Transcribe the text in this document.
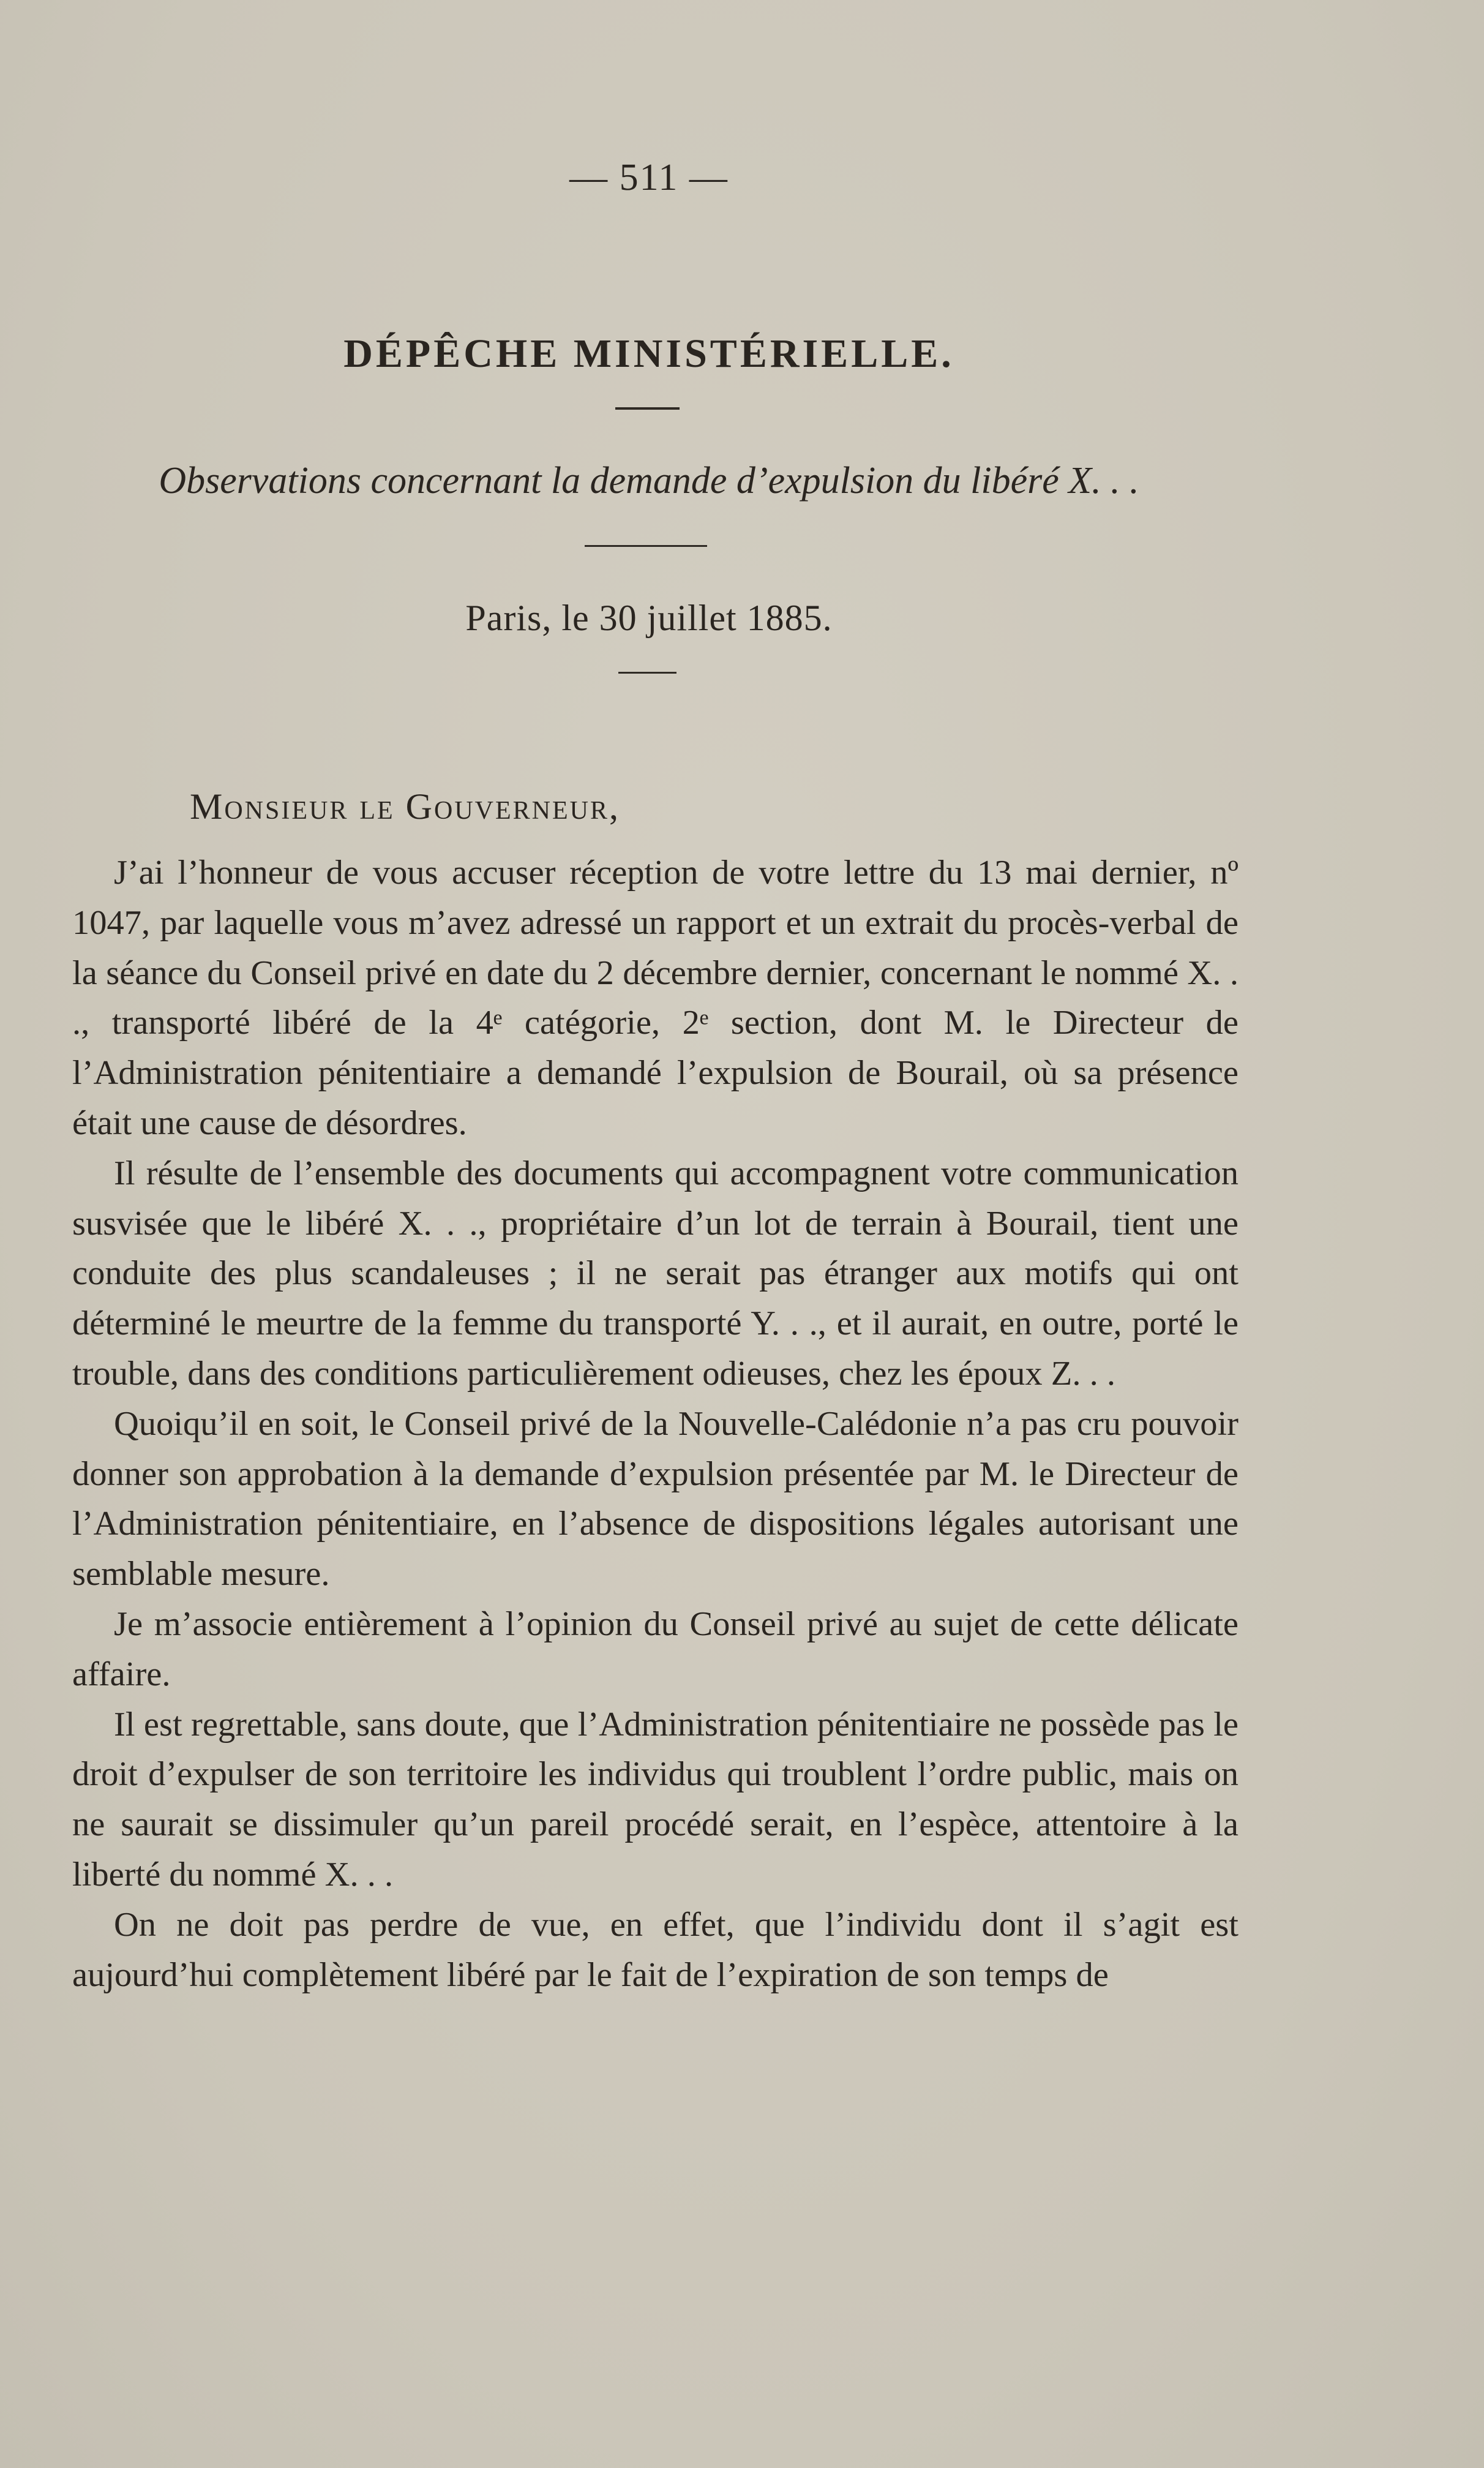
— 511 —
DÉPÊCHE MINISTÉRIELLE.
Observations concernant la demande d’expulsion du libéré X. . .
Paris, le 30 juillet 1885.
Monsieur le Gouverneur,

J’ai l’honneur de vous accuser réception de votre lettre du 13 mai dernier, nº 1047, par laquelle vous m’avez adressé un rapport et un extrait du procès-verbal de la séance du Conseil privé en date du 2 décembre dernier, concernant le nommé X. . ., transporté libéré de la 4ᵉ catégorie, 2ᵉ section, dont M. le Directeur de l’Administration pénitentiaire a demandé l’expulsion de Bourail, où sa présence était une cause de désordres.

Il résulte de l’ensemble des documents qui accompagnent votre communication susvisée que le libéré X. . ., propriétaire d’un lot de terrain à Bourail, tient une conduite des plus scandaleuses ; il ne serait pas étranger aux motifs qui ont déterminé le meurtre de la femme du transporté Y. . ., et il aurait, en outre, porté le trouble, dans des conditions particulièrement odieuses, chez les époux Z. . .

Quoiqu’il en soit, le Conseil privé de la Nouvelle-Calédonie n’a pas cru pouvoir donner son approbation à la demande d’expulsion présentée par M. le Directeur de l’Administration pénitentiaire, en l’absence de dispositions légales autorisant une semblable mesure.

Je m’associe entièrement à l’opinion du Conseil privé au sujet de cette délicate affaire.

Il est regrettable, sans doute, que l’Administration pénitentiaire ne possède pas le droit d’expulser de son territoire les individus qui troublent l’ordre public, mais on ne saurait se dissimuler qu’un pareil procédé serait, en l’espèce, attentoire à la liberté du nommé X. . .

On ne doit pas perdre de vue, en effet, que l’individu dont il s’agit est aujourd’hui complètement libéré par le fait de l’expiration de son temps de
